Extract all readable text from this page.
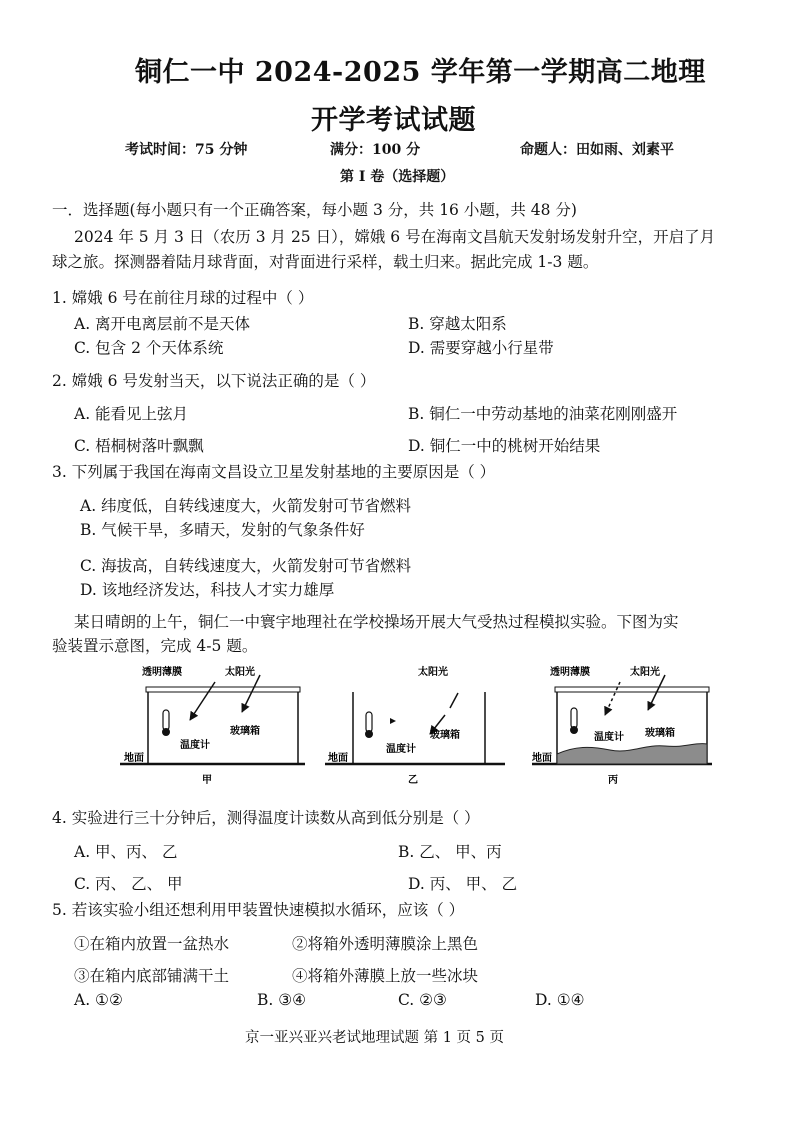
铜仁一中 2024-2025 学年第一学期高二地理
开学考试试题
考试时间：75 分钟	满分：100 分	命题人：田如雨、刘素平
第 I 卷（选择题）
一．选择题(每小题只有一个正确答案，每小题 3 分，共 16 小题，共 48 分)
2024 年 5 月 3 日（农历 3 月 25 日），嫦娥 6 号在海南文昌航天发射场发射升空，开启了月
球之旅。探测器着陆月球背面，对背面进行采样，载土归来。据此完成 1-3 题。
1. 嫦娥 6 号在前往月球的过程中（ ）
A. 离开电离层前不是天体	B. 穿越太阳系
C. 包含 2 个天体系统	D. 需要穿越小行星带
2. 嫦娥 6 号发射当天，以下说法正确的是（ ）
A. 能看见上弦月	B. 铜仁一中劳动基地的油菜花刚刚盛开
C. 梧桐树落叶飘飘	D. 铜仁一中的桃树开始结果
3. 下列属于我国在海南文昌设立卫星发射基地的主要原因是（ ）
A. 纬度低，自转线速度大，火箭发射可节省燃料
B. 气候干旱，多晴天，发射的气象条件好
C. 海拔高，自转线速度大，火箭发射可节省燃料
D. 该地经济发达，科技人才实力雄厚
某日晴朗的上午，铜仁一中寰宇地理社在学校操场开展大气受热过程模拟实验。下图为实
验装置示意图，完成 4-5 题。
透明薄膜	太阳光
温度计
玻璃箱
地面
甲
太阳光
温度计
玻璃箱
地面
乙
透明薄膜	太阳光
温度计 玻璃箱
地面
丙
4. 实验进行三十分钟后，测得温度计读数从高到低分别是（ ）
A. 甲、丙、 乙	B. 乙、 甲、丙
C. 丙、 乙、 甲	D. 丙、 甲、 乙
5. 若该实验小组还想利用甲装置快速模拟水循环，应该（ ）
①在箱内放置一盆热水	②将箱外透明薄膜涂上黑色
③在箱内底部铺满干土	④将箱外薄膜上放一些冰块
A. ①②	B. ③④	C. ②③	D. ①④
京一亚兴亚兴老试地理试题 第 1 页 5 页
